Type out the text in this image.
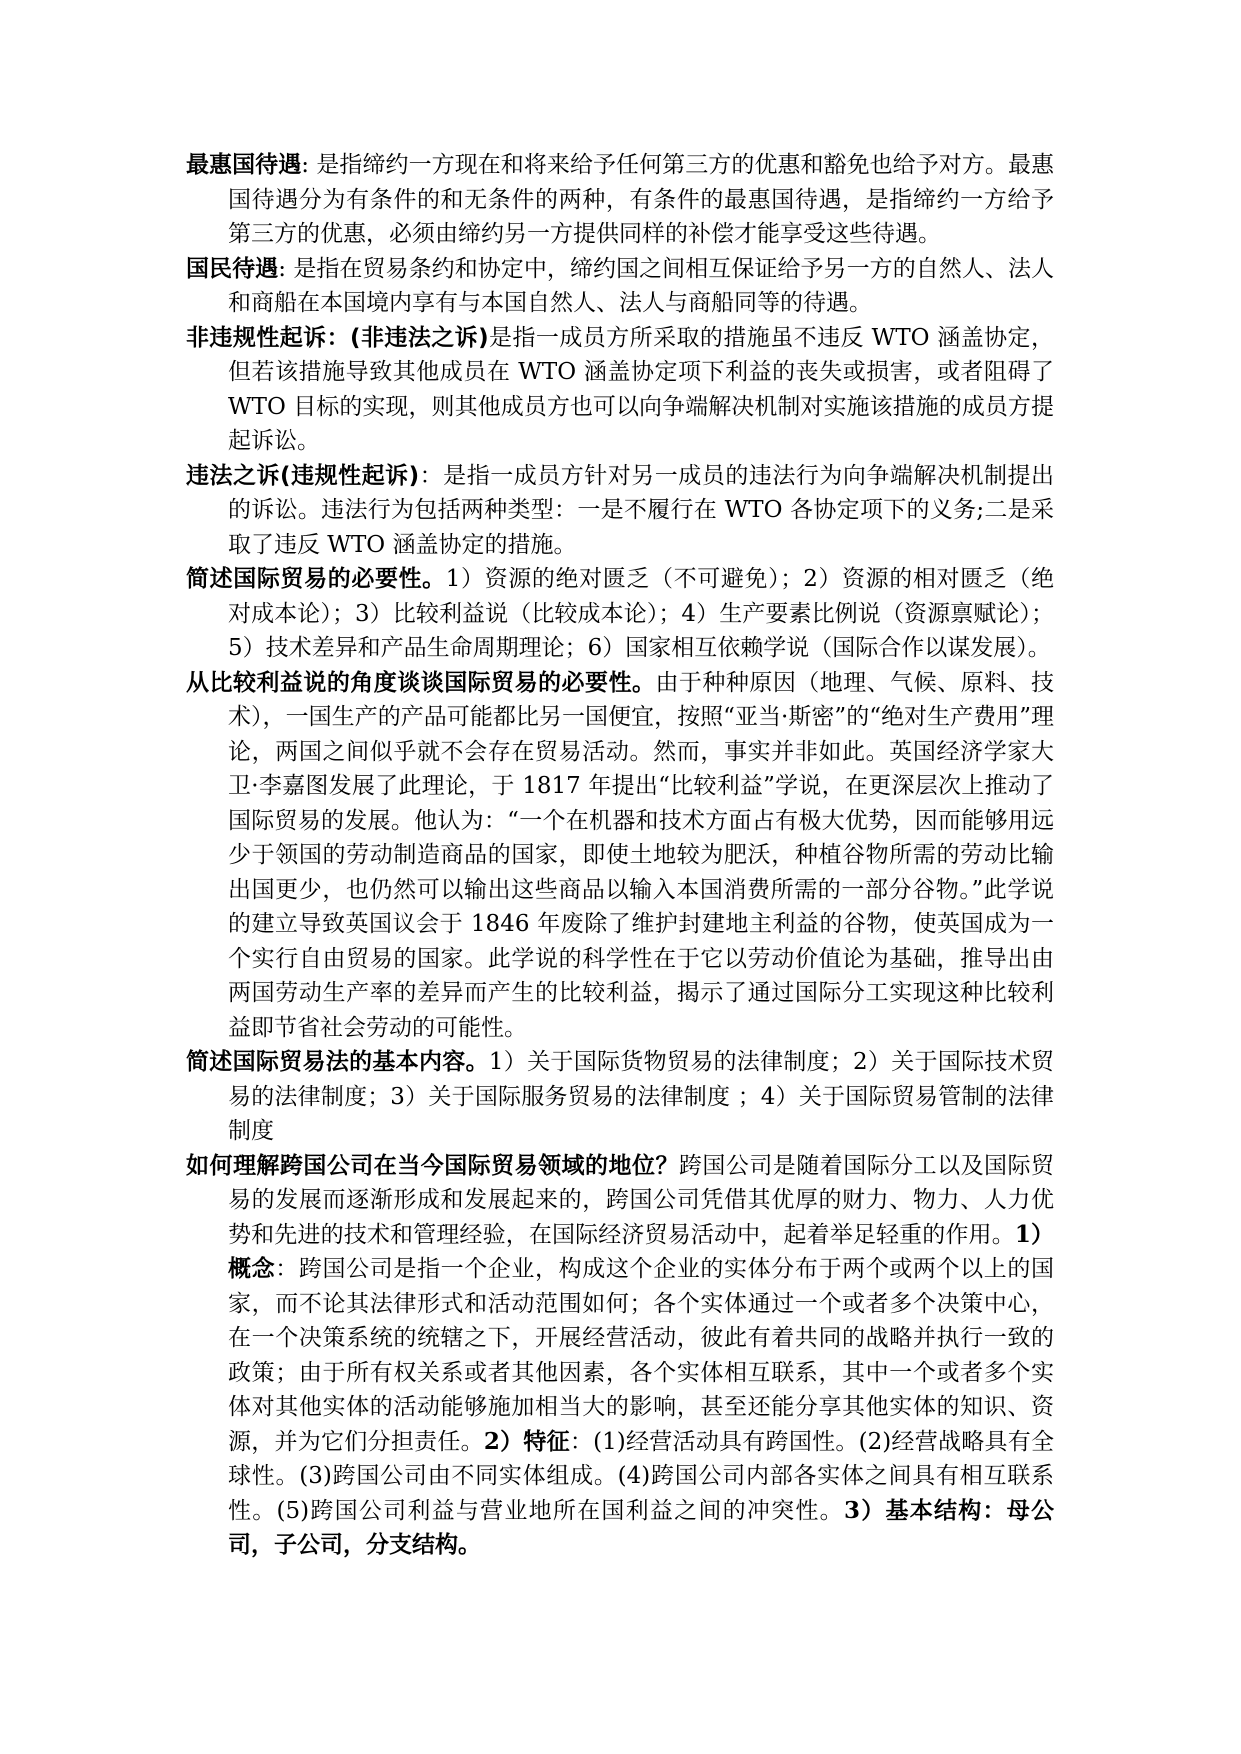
最惠国待遇: 是指缔约一方现在和将来给予任何第三方的优惠和豁免也给予对方。最惠国待遇分为有条件的和无条件的两种，有条件的最惠国待遇，是指缔约一方给予第三方的优惠，必须由缔约另一方提供同样的补偿才能享受这些待遇。

国民待遇: 是指在贸易条约和协定中，缔约国之间相互保证给予另一方的自然人、法人和商船在本国境内享有与本国自然人、法人与商船同等的待遇。

非违规性起诉：(非违法之诉)是指一成员方所采取的措施虽不违反 WTO 涵盖协定，但若该措施导致其他成员在 WTO 涵盖协定项下利益的丧失或损害，或者阻碍了 WTO 目标的实现，则其他成员方也可以向争端解决机制对实施该措施的成员方提起诉讼。

违法之诉(违规性起诉)：是指一成员方针对另一成员的违法行为向争端解决机制提出的诉讼。违法行为包括两种类型：一是不履行在 WTO 各协定项下的义务;二是采取了违反 WTO 涵盖协定的措施。

简述国际贸易的必要性。1）资源的绝对匮乏（不可避免）；2）资源的相对匮乏（绝对成本论）；3）比较利益说（比较成本论）；4）生产要素比例说（资源禀赋论）；5）技术差异和产品生命周期理论；6）国家相互依赖学说（国际合作以谋发展）。

从比较利益说的角度谈谈国际贸易的必要性。由于种种原因（地理、气候、原料、技术），一国生产的产品可能都比另一国便宜，按照“亚当·斯密”的“绝对生产费用”理论，两国之间似乎就不会存在贸易活动。然而，事实并非如此。英国经济学家大卫·李嘉图发展了此理论，于 1817 年提出“比较利益”学说，在更深层次上推动了国际贸易的发展。他认为：“一个在机器和技术方面占有极大优势，因而能够用远少于领国的劳动制造商品的国家，即使土地较为肥沃，种植谷物所需的劳动比输出国更少，也仍然可以输出这些商品以输入本国消费所需的一部分谷物。”此学说的建立导致英国议会于 1846 年废除了维护封建地主利益的谷物，使英国成为一个实行自由贸易的国家。此学说的科学性在于它以劳动价值论为基础，推导出由两国劳动生产率的差异而产生的比较利益，揭示了通过国际分工实现这种比较利益即节省社会劳动的可能性。

简述国际贸易法的基本内容。1）关于国际货物贸易的法律制度；2）关于国际技术贸易的法律制度；3）关于国际服务贸易的法律制度 ；4）关于国际贸易管制的法律制度

如何理解跨国公司在当今国际贸易领域的地位？跨国公司是随着国际分工以及国际贸易的发展而逐渐形成和发展起来的，跨国公司凭借其优厚的财力、物力、人力优势和先进的技术和管理经验，在国际经济贸易活动中，起着举足轻重的作用。1）概念：跨国公司是指一个企业，构成这个企业的实体分布于两个或两个以上的国家，而不论其法律形式和活动范围如何；各个实体通过一个或者多个决策中心，在一个决策系统的统辖之下，开展经营活动，彼此有着共同的战略并执行一致的政策；由于所有权关系或者其他因素，各个实体相互联系，其中一个或者多个实体对其他实体的活动能够施加相当大的影响，甚至还能分享其他实体的知识、资源，并为它们分担责任。2）特征：(1)经营活动具有跨国性。(2)经营战略具有全球性。(3)跨国公司由不同实体组成。(4)跨国公司内部各实体之间具有相互联系性。(5)跨国公司利益与营业地所在国利益之间的冲突性。3）基本结构：母公司，子公司，分支结构。
